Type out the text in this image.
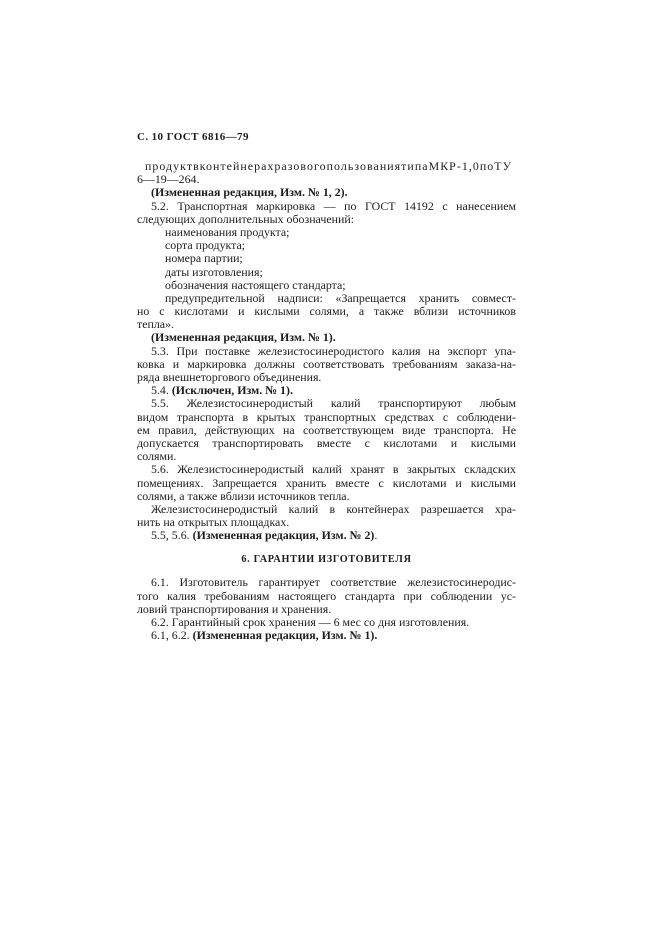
С. 10 ГОСТ 6816—79
продуктвконтейнерахразовогопользованиятипаМКР-1,0поТУ
6—19—264.
(Измененная редакция, Изм. № 1, 2).
5.2. Транспортная маркировка — по ГОСТ 14192 с нанесением
следующих дополнительных обозначений:
наименования продукта;
сорта продукта;
номера партии;
даты изготовления;
обозначения настоящего стандарта;
предупредительной надписи: «Запрещается хранить совмест-
но с кислотами и кислыми солями, а также вблизи источников
тепла».
(Измененная редакция, Изм. № 1).
5.3. При поставке железистосинеродистого калия на экспорт упа-
ковка и маркировка должны соответствовать требованиям заказа-на-
ряда внешнеторгового объединения.
5.4. (Исключен, Изм. № 1).
5.5. Железистосинеродистый калий транспортируют любым
видом транспорта в крытых транспортных средствах с соблюдени-
ем правил, действующих на соответствующем виде транспорта. Не
допускается транспортировать вместе с кислотами и кислыми
солями.
5.6. Железистосинеродистый калий хранят в закрытых складских
помещениях. Запрещается хранить вместе с кислотами и кислыми
солями, а также вблизи источников тепла.
Железистосинеродистый калий в контейнерах разрешается хра-
нить на открытых площадках.
5.5, 5.6. (Измененная редакция, Изм. № 2).
6. ГАРАНТИИ ИЗГОТОВИТЕЛЯ
6.1. Изготовитель гарантирует соответствие железистосинеродис-
того калия требованиям настоящего стандарта при соблюдении ус-
ловий транспортирования и хранения.
6.2. Гарантийный срок хранения — 6 мес со дня изготовления.
6.1, 6.2. (Измененная редакция, Изм. № 1).
